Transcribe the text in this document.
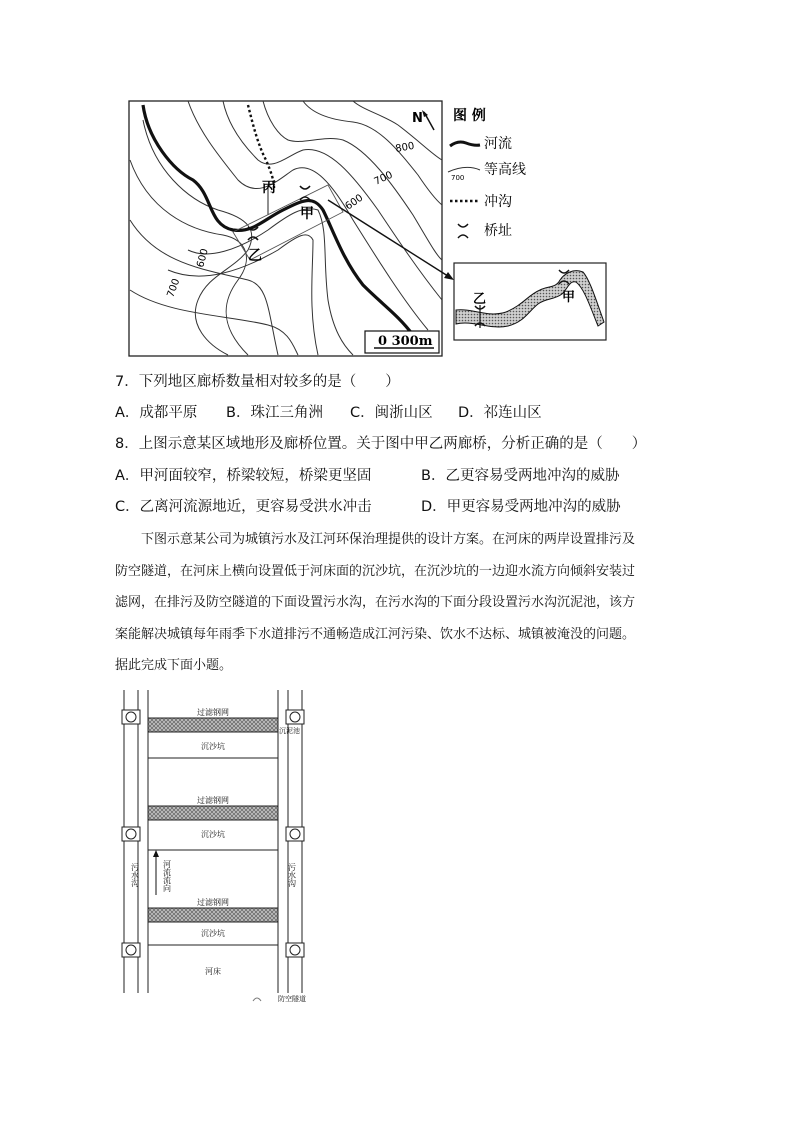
800
700
600
600
700
丙
甲
乙
N
0 300m
图 例
河流
700 等高线
冲沟
桥址
甲
乙
7．下列地区廊桥数量相对较多的是（　　）
A．成都平原 B．珠江三角洲 C．闽浙山区 D．祁连山区
8．上图示意某区域地形及廊桥位置。关于图中甲乙两廊桥，分析正确的是（　　）
A．甲河面较窄，桥梁较短，桥梁更坚固	B．乙更容易受两地冲沟的威胁
C．乙离河流源地近，更容易受洪水冲击	D．甲更容易受两地冲沟的威胁
下图示意某公司为城镇污水及江河环保治理提供的设计方案。在河床的两岸设置排污及
防空隧道，在河床上横向设置低于河床面的沉沙坑，在沉沙坑的一边迎水流方向倾斜安装过
滤网，在排污及防空隧道的下面设置污水沟，在污水沟的下面分段设置污水沟沉泥池，该方
案能解决城镇每年雨季下水道排污不通畅造成江河污染、饮水不达标、城镇被淹没的问题。
据此完成下面小题。
过滤钢网
沉沙坑
过滤钢网
沉沙坑
过滤钢网
沉沙坑
河床
沉泥池
防空隧道
污水沟	污水沟
河流流向
